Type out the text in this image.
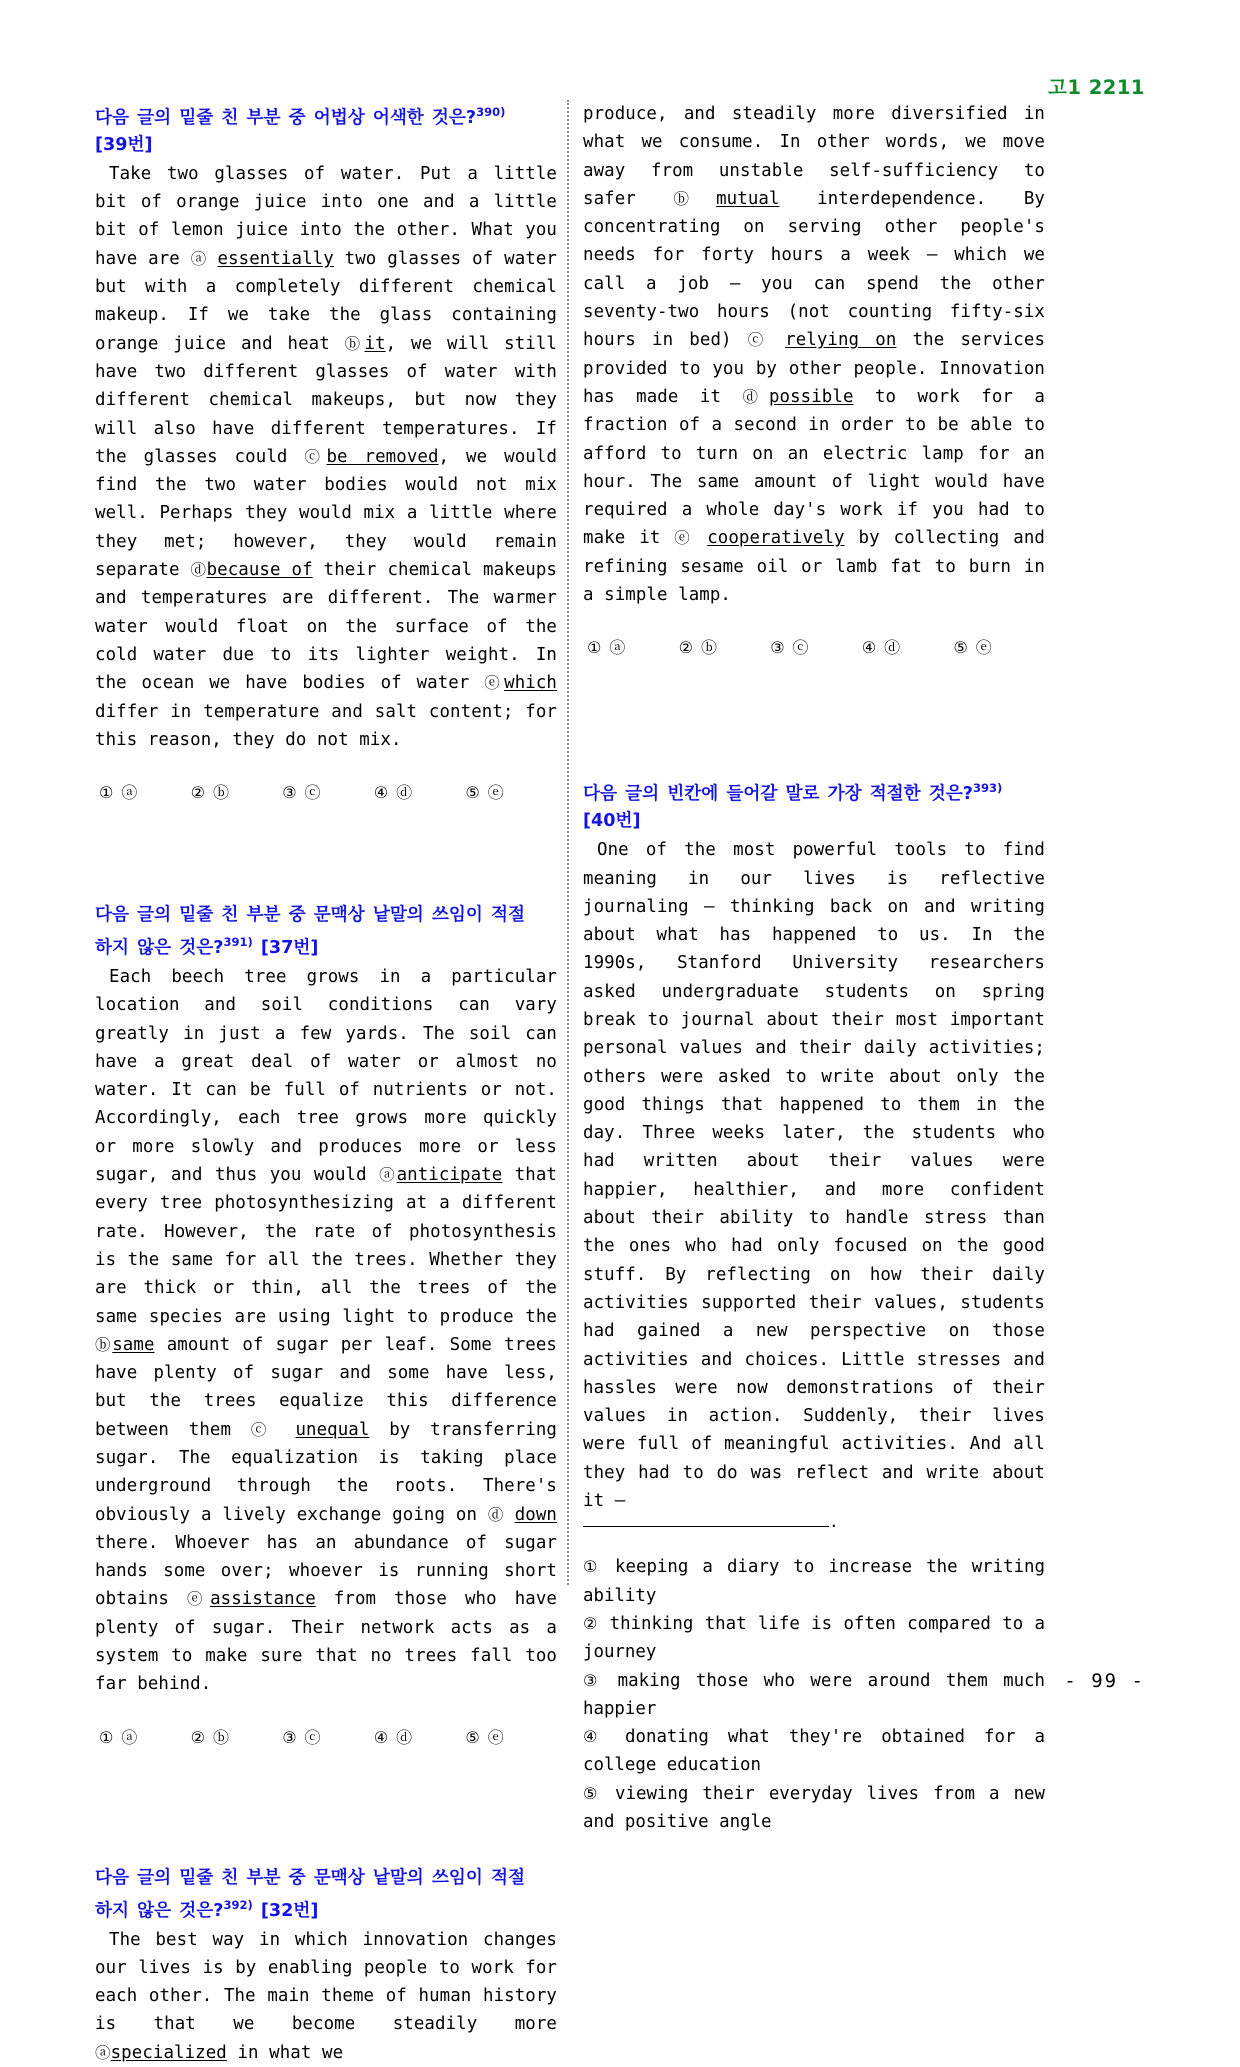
고1 2211
다음 글의 밑줄 친 부분 중 어법상 어색한 것은?$^{390)}$
[39번]

Take two glasses of water. Put a little bit of orange juice into one and a little bit of lemon juice into the other. What you have are ⓐ essentially two glasses of water but with a completely different chemical makeup. If we take the glass containing orange juice and heat ⓑit, we will still have two different glasses of water with different chemical makeups, but now they will also have different temperatures. If the glasses could ⓒbe removed, we would find the two water bodies would not mix well. Perhaps they would mix a little where they met; however, they would remain separate ⓓbecause of their chemical makeups and temperatures are different. The warmer water would float on the surface of the cold water due to its lighter weight. In the ocean we have bodies of water ⓔwhich differ in temperature and salt content; for this reason, they do not mix.

① ⓐ	② ⓑ	③ ⓒ	④ ⓓ	⑤ ⓔ
다음 글의 밑줄 친 부분 중 문맥상 낱말의 쓰임이 적절
하지 않은 것은?$^{391)}$ [37번]

Each beech tree grows in a particular location and soil conditions can vary greatly in just a few yards. The soil can have a great deal of water or almost no water. It can be full of nutrients or not. Accordingly, each tree grows more quickly or more slowly and produces more or less sugar, and thus you would ⓐanticipate that every tree photosynthesizing at a different rate. However, the rate of photosynthesis is the same for all the trees. Whether they are thick or thin, all the trees of the same species are using light to produce the ⓑsame amount of sugar per leaf. Some trees have plenty of sugar and some have less, but the trees equalize this difference between them ⓒ unequal by transferring sugar. The equalization is taking place underground through the roots. There's obviously a lively exchange going on ⓓ down there. Whoever has an abundance of sugar hands some over; whoever is running short obtains ⓔassistance from those who have plenty of sugar. Their network acts as a system to make sure that no trees fall too far behind.

① ⓐ	② ⓑ	③ ⓒ	④ ⓓ	⑤ ⓔ
다음 글의 밑줄 친 부분 중 문맥상 낱말의 쓰임이 적절
하지 않은 것은?$^{392)}$ [32번]

The best way in which innovation changes our lives is by enabling people to work for each other. The main theme of human history is that we become steadily more ⓐspecialized in what we

produce, and steadily more diversified in what we consume. In other words, we move away from unstable self-sufficiency to safer ⓑmutual interdependence. By concentrating on serving other people's needs for forty hours a week – which we call a job – you can spend the other seventy-two hours (not counting fifty-six hours in bed) ⓒ relying on the services provided to you by other people. Innovation has made it ⓓpossible to work for a fraction of a second in order to be able to afford to turn on an electric lamp for an hour. The same amount of light would have required a whole day's work if you had to make it ⓔ cooperatively by collecting and refining sesame oil or lamb fat to burn in a simple lamp.

① ⓐ	② ⓑ	③ ⓒ	④ ⓓ	⑤ ⓔ
다음 글의 빈칸에 들어갈 말로 가장 적절한 것은?$^{393)}$
[40번]

One of the most powerful tools to find meaning in our lives is reflective journaling – thinking back on and writing about what has happened to us. In the 1990s, Stanford University researchers asked undergraduate students on spring break to journal about their most important personal values and their daily activities; others were asked to write about only the good things that happened to them in the day. Three weeks later, the students who had written about their values were happier, healthier, and more confident about their ability to handle stress than the ones who had only focused on the good stuff. By reflecting on how their daily activities supported their values, students had gained a new perspective on those activities and choices. Little stresses and hassles were now demonstrations of their values in action. Suddenly, their lives were full of meaningful activities. And all they had to do was reflect and write about it –

.

① keeping a diary to increase the writing ability

② thinking that life is often compared to a journey

③ making those who were around them much happier

④ donating what they're obtained for a college education

⑤ viewing their everyday lives from a new and positive angle

- 99 -
